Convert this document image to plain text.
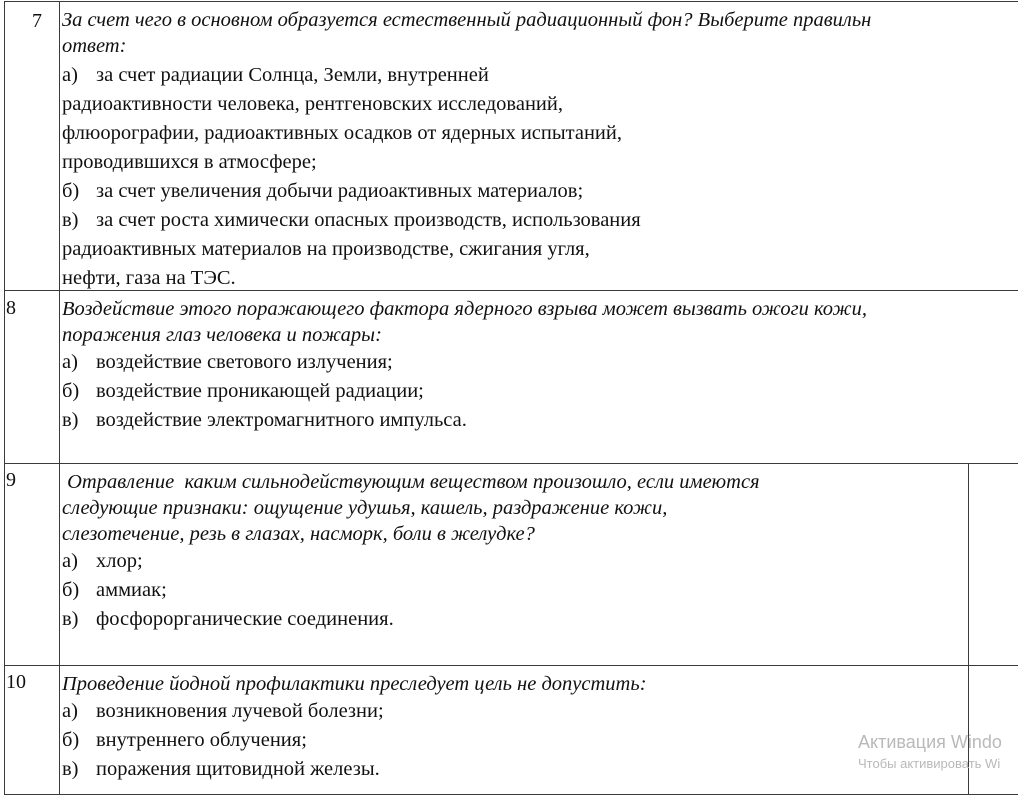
7 За счет чего в основном образуется естественный радиационный фон? Выберите правильн
ответ:
а) за счет радиации Солнца, Земли, внутренней
радиоактивности человека, рентгеновских исследований,
флюорографии, радиоактивных осадков от ядерных испытаний,
проводившихся в атмосфере;
б) за счет увеличения добычи радиоактивных материалов;
в) за счет роста химически опасных производств, использования
радиоактивных материалов на производстве, сжигания угля,
нефти, газа на ТЭС.
8	Воздействие этого поражающего фактора ядерного взрыва может вызвать ожоги кожи,
поражения глаз человека и пожары:
а) воздействие светового излучения;
б) воздействие проникающей радиации;
в) воздействие электромагнитного импульса.
9	Отравление  каким сильнодействующим веществом произошло, если имеются
следующие признаки: ощущение удушья, кашель, раздражение кожи,
слезотечение, резь в глазах, насморк, боли в желудке?
а) хлор;
б) аммиак;
в) фосфорорганические соединения.
10	Проведение йодной профилактики преследует цель не допустить:
а) возникновения лучевой болезни;
б) внутреннего облучения;
в) поражения щитовидной железы.
Активация Windo
Чтобы активировать Wi
